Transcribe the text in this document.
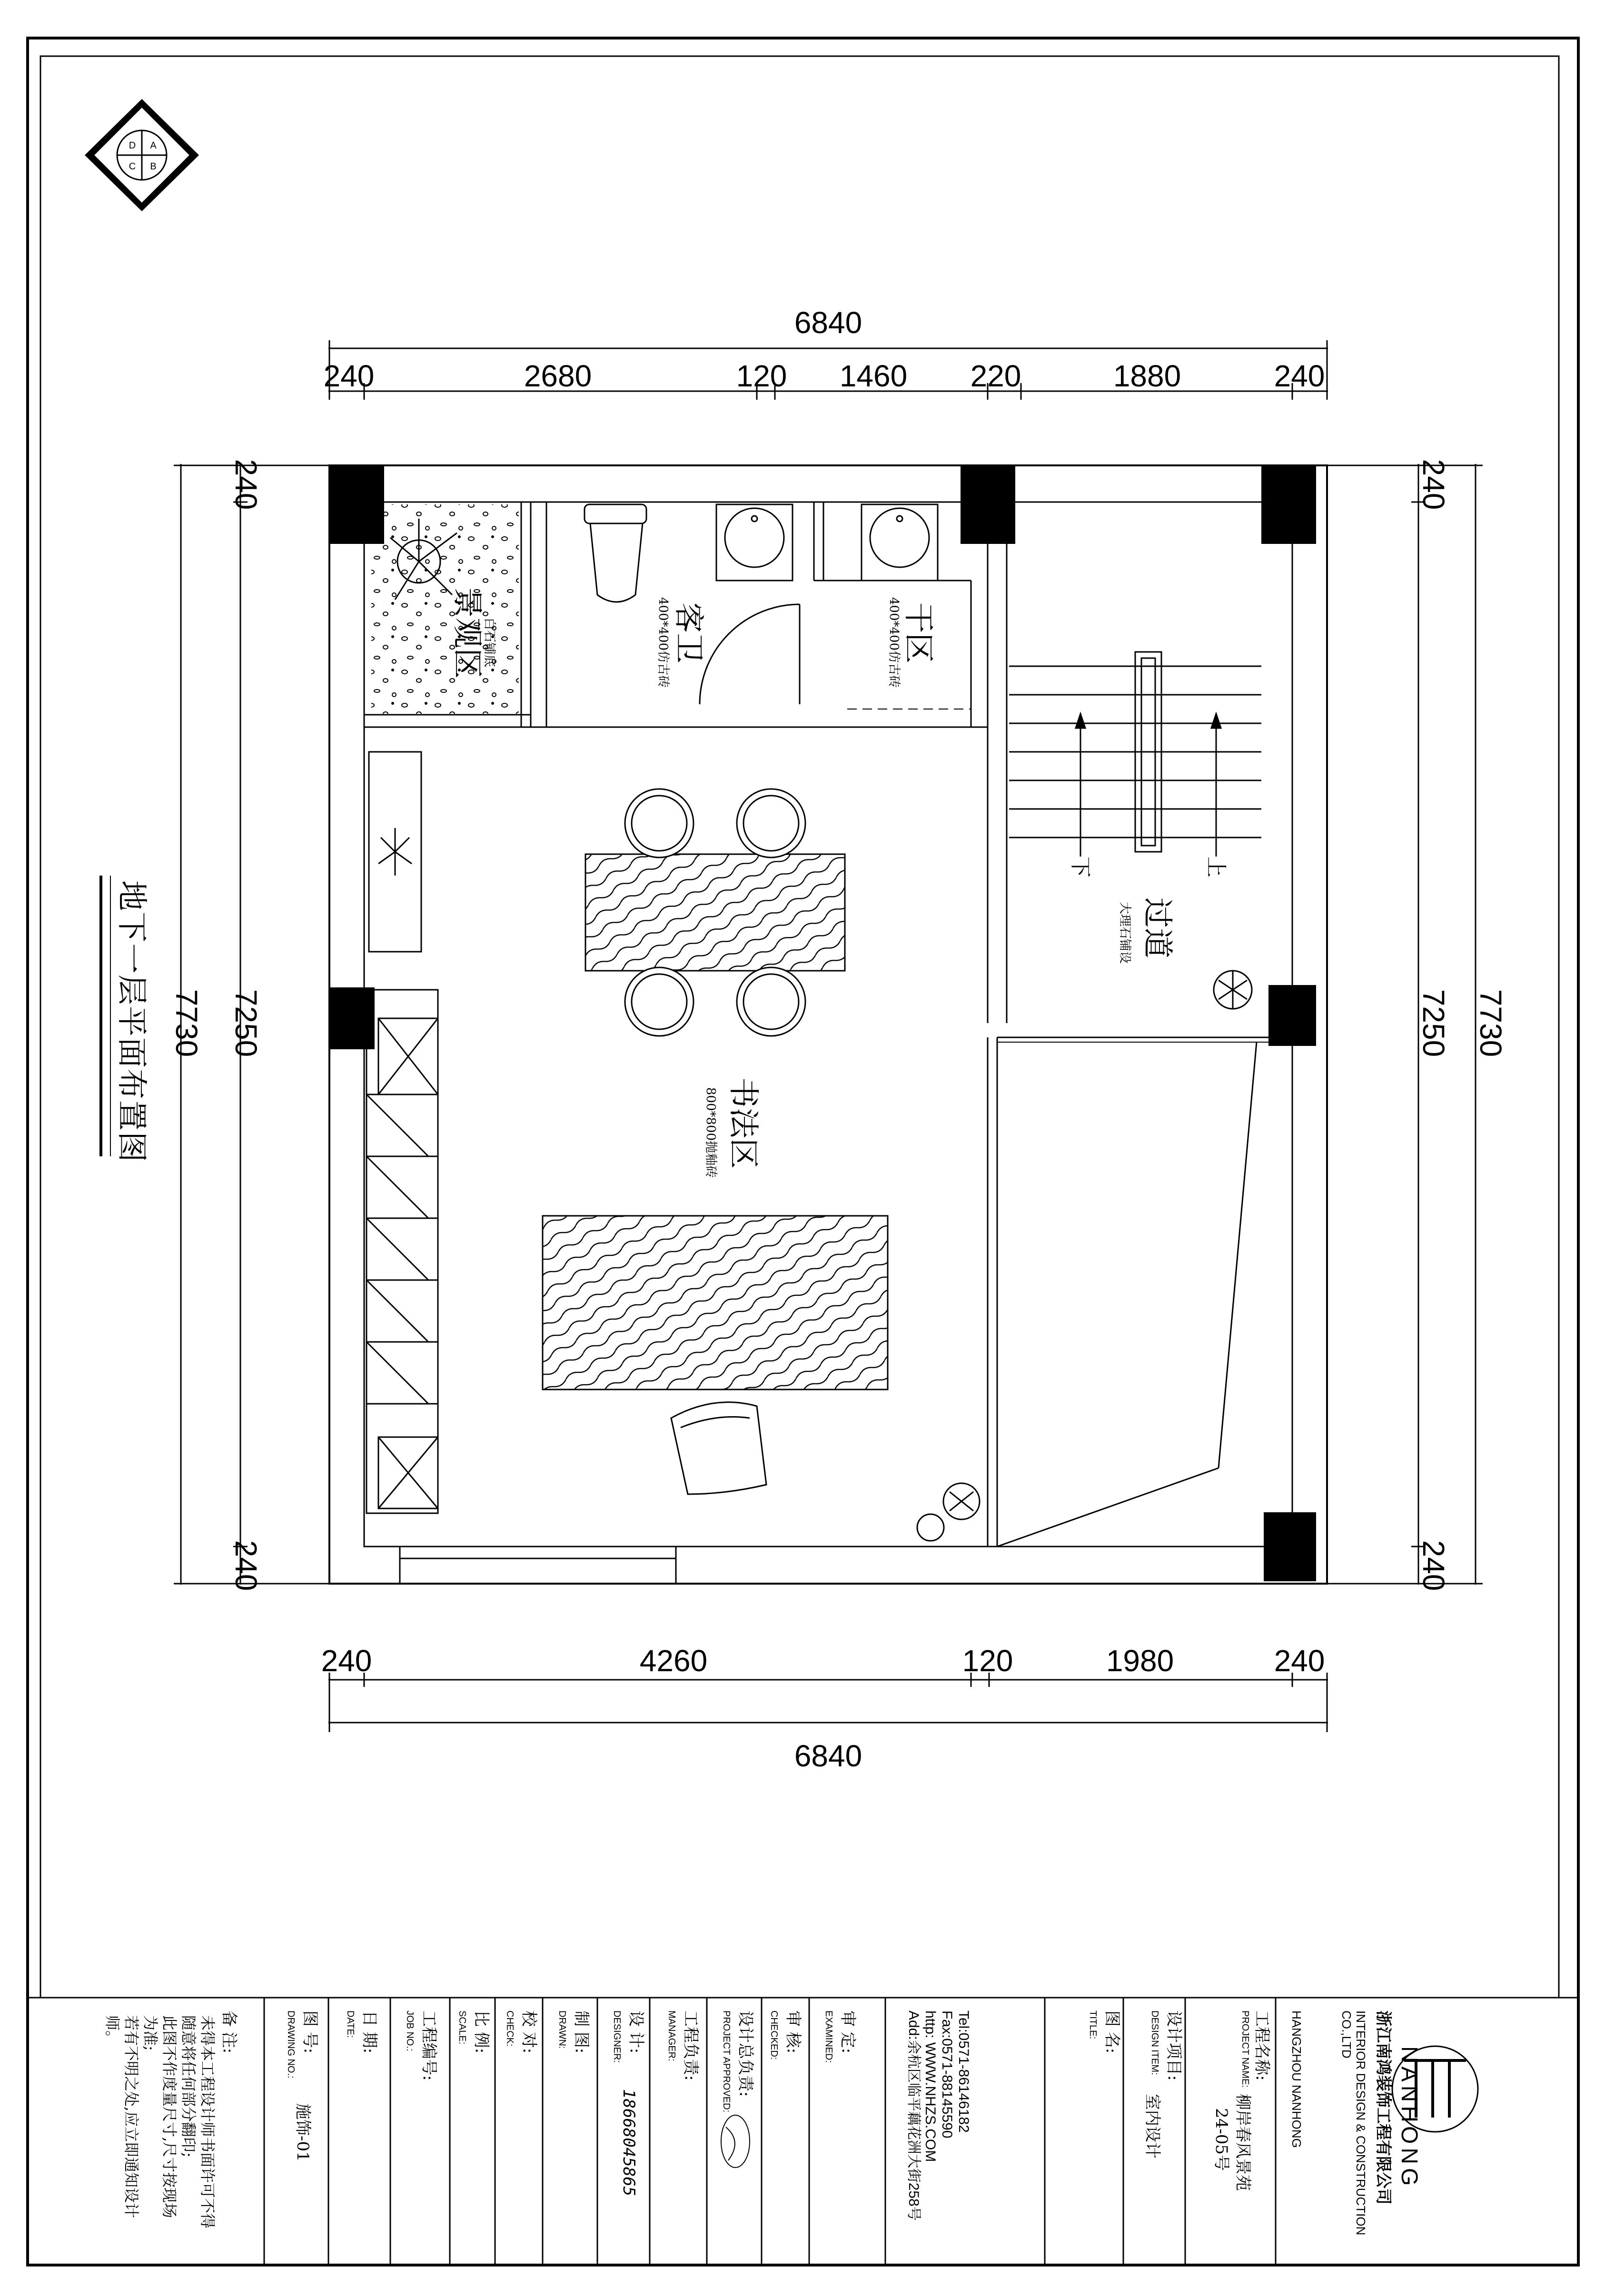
D A
C B
6840
240	2680	120 1460 220	1880	240
240	4260	120	1980	240
6840
240
7250
240
7730
240
7250
240
7730
地下一层平面布置图
景观区
白石铺底	客卫
400*400仿古砖	干区
400*400仿古砖
下	上
过道
大理石铺设
书法区
800*800抛釉砖
NANHONG
浙江南鸿装饰工程有限公司
INTERIOR DESIGN & CONSTRUCTION
CO.,LTD
HANGZHOU NANHONG
工程名称:
PROJECT NAME:
柳岸春风景苑
24-05号
设计项目:
DESIGN ITEM:
室内设计
图 名:
TITLE:
Tel:0571-86146182
Fax:0571-88145590
http: WWW.NHZS.COM
Add:余杭区临平藕花洲大街258号
审 定:
EXAMINED:
审 核:
CHECKED:
设计总负责:
PROJECT APPROVED:
工程负责:
MANAGER:
设 计:
DESIGNER:
18668045865
制 图:
DRAWN:
校 对:
CHECK:
比 例:
SCALE:
工程编号:
JOB NO.:
日 期:
DATE:
图 号:
DRAWING NO.:
施饰-01
备 注:
未得本工程设计师书面许可不得
随意将任何部分翻印;
此图不作度量尺寸,尺寸按现场
为准;
若有不明之处,应立即通知设计
师。
